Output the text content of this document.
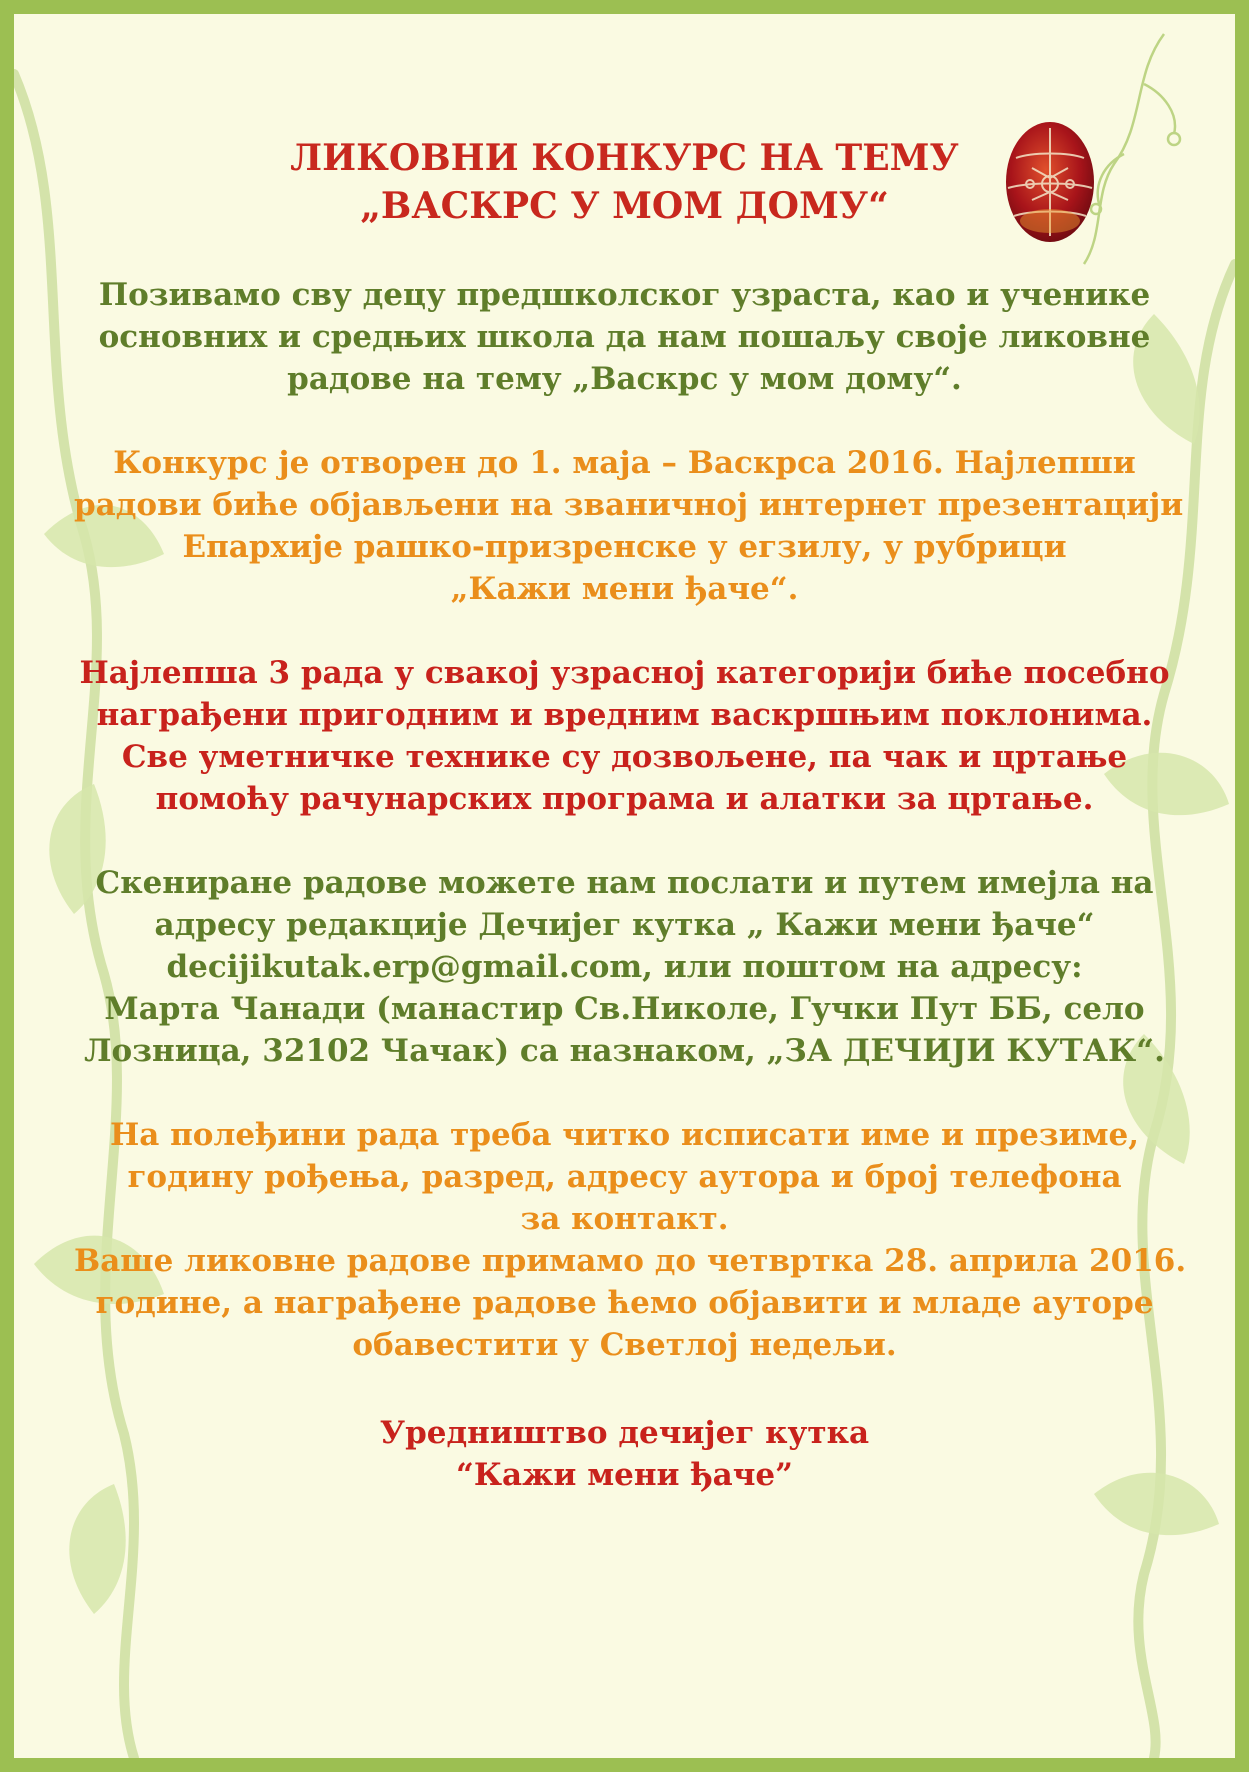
ЛИКОВНИ КОНКУРС НА ТЕМУ
„ВАСКРС У МОМ ДОМУ“
Позивамо сву децу предшколског узраста, као и ученике
основних и средњих школа да нам пошаљу своје ликовне
радове на тему „Васкрс у мом дому“.
Конкурс је отворен до 1. маја – Васкрса 2016. Најлепши
радови биће објављени на званичној интернет презентацији
Епархије рашко-призренске у егзилу, у рубрици
„Кажи мени ђаче“.
Најлепша 3 рада у свакој узрасној категорији биће посебно
награђени пригодним и вредним васкршњим поклонима.
Све уметничке технике су дозвољене, па чак и цртање
помоћу рачунарских програма и алатки за цртање.
Скениране радове можете нам послати и путем имејла на
адресу редакције Дечијег кутка „ Кажи мени ђаче“
decijikutak.erp@gmail.com, или поштом на адресу:
Марта Чанади (манастир Св.Николе, Гучки Пут ББ, село
Лозница, 32102 Чачак) са назнаком, „ЗА ДЕЧИЈИ КУТАК“.
На полеђини рада треба читко исписати име и презиме,
годину рођења, разред, адресу аутора и број телефона
за контакт.
Ваше ликовне радове примамо до четвртка 28. априла 2016.
године, а награђене радове ћемо објавити и младе ауторе
обавестити у Светлој недељи.
Уредништво дечијег кутка
“Кажи мени ђаче”
